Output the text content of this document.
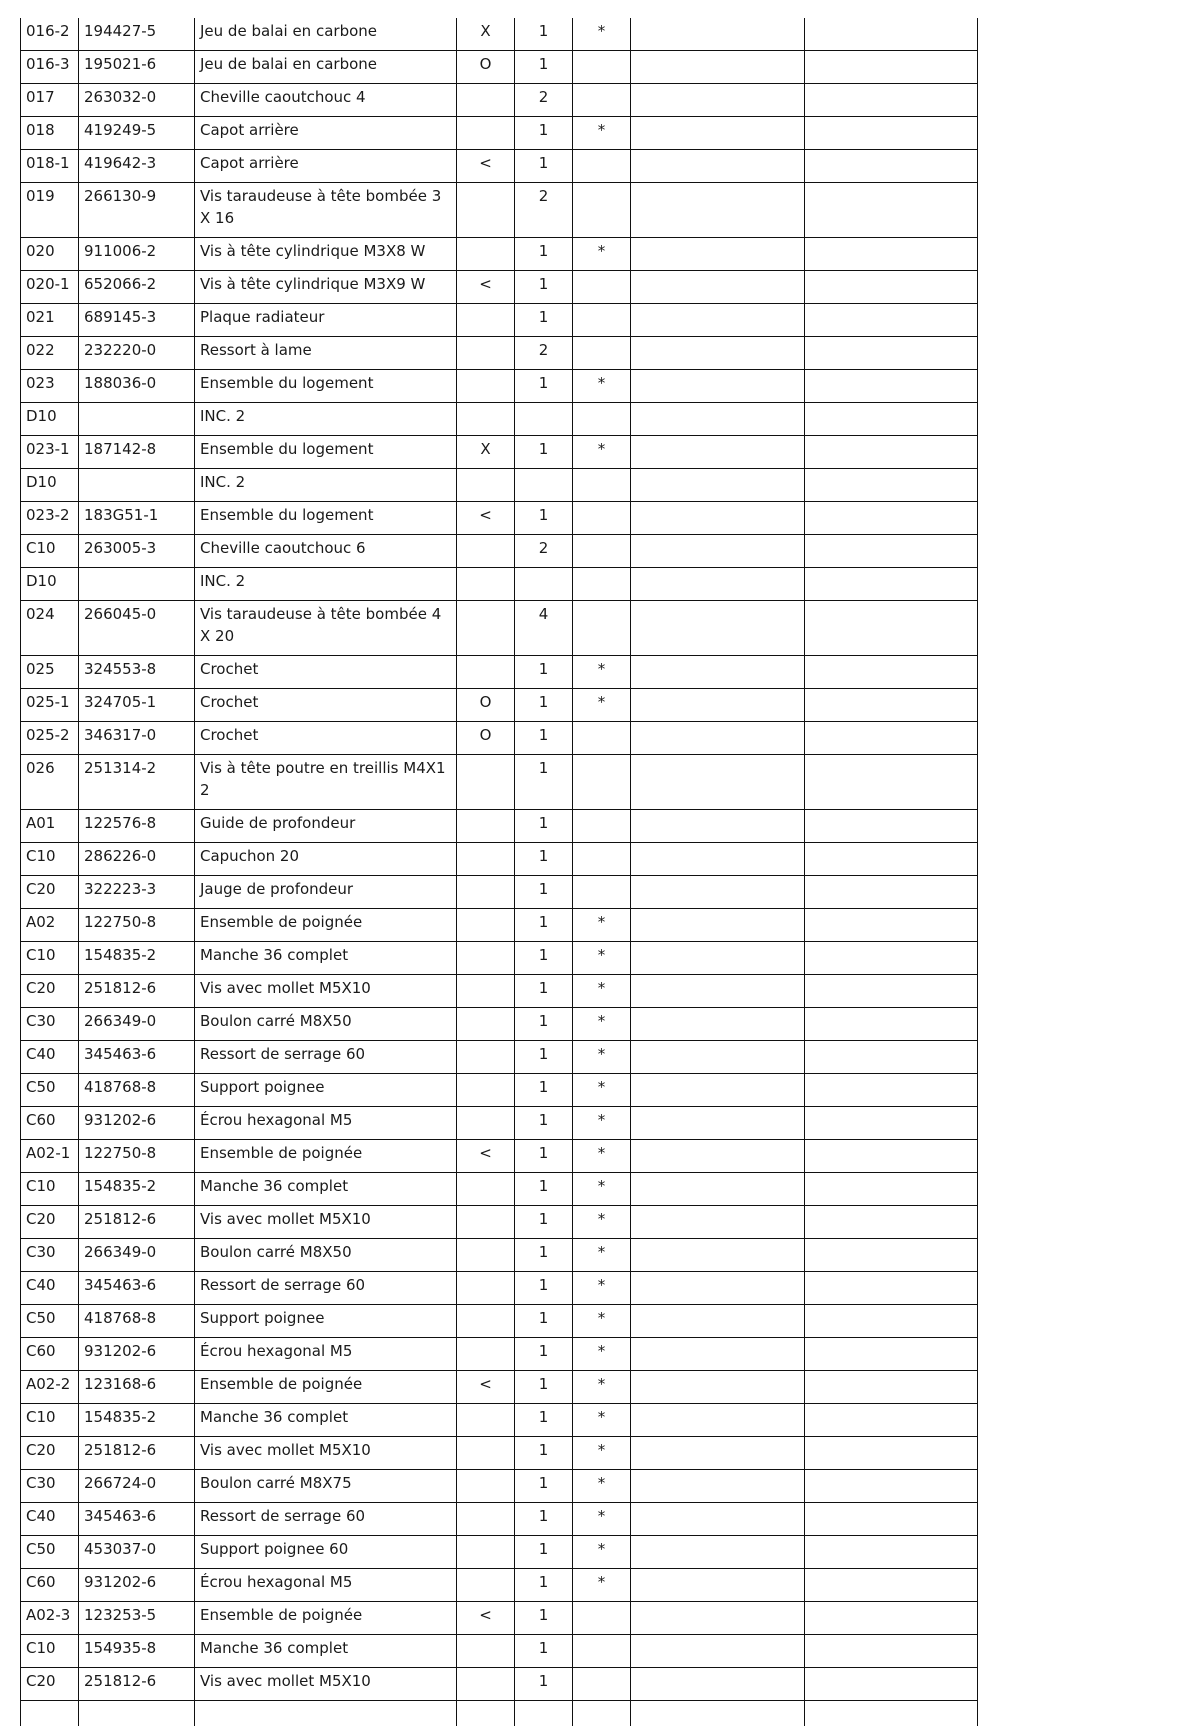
016-2	194427-5	Jeu de balai en carbone	X	1	*		
016-3	195021-6	Jeu de balai en carbone	O	1			
017	263032-0	Cheville caoutchouc 4		2			
018	419249-5	Capot arrière		1	*		
018-1	419642-3	Capot arrière	<	1			
019	266130-9	Vis taraudeuse à tête bombée 3X 16		2			
020	911006-2	Vis à tête cylindrique M3X8 W		1	*		
020-1	652066-2	Vis à tête cylindrique M3X9 W	<	1			
021	689145-3	Plaque radiateur		1			
022	232220-0	Ressort à lame		2			
023	188036-0	Ensemble du logement		1	*		
D10		INC. 2					
023-1	187142-8	Ensemble du logement	X	1	*		
D10		INC. 2					
023-2	183G51-1	Ensemble du logement	<	1			
C10	263005-3	Cheville caoutchouc 6		2			
D10		INC. 2					
024	266045-0	Vis taraudeuse à tête bombée 4X 20		4			
025	324553-8	Crochet		1	*		
025-1	324705-1	Crochet	O	1	*		
025-2	346317-0	Crochet	O	1			
026	251314-2	Vis à tête poutre en treillis M4X1 2		1			
A01	122576-8	Guide de profondeur		1			
C10	286226-0	Capuchon 20		1			
C20	322223-3	Jauge de profondeur		1			
A02	122750-8	Ensemble de poignée		1	*		
C10	154835-2	Manche 36 complet		1	*		
C20	251812-6	Vis avec mollet M5X10		1	*		
C30	266349-0	Boulon carré M8X50		1	*		
C40	345463-6	Ressort de serrage 60		1	*		
C50	418768-8	Support poignee		1	*		
C60	931202-6	Écrou hexagonal M5		1	*		
A02-1	122750-8	Ensemble de poignée	<	1	*		
C10	154835-2	Manche 36 complet		1	*		
C20	251812-6	Vis avec mollet M5X10		1	*		
C30	266349-0	Boulon carré M8X50		1	*		
C40	345463-6	Ressort de serrage 60		1	*		
C50	418768-8	Support poignee		1	*		
C60	931202-6	Écrou hexagonal M5		1	*		
A02-2	123168-6	Ensemble de poignée	<	1	*		
C10	154835-2	Manche 36 complet		1	*		
C20	251812-6	Vis avec mollet M5X10		1	*		
C30	266724-0	Boulon carré M8X75		1	*		
C40	345463-6	Ressort de serrage 60		1	*		
C50	453037-0	Support poignee 60		1	*		
C60	931202-6	Écrou hexagonal M5		1	*		
A02-3	123253-5	Ensemble de poignée	<	1			
C10	154935-8	Manche 36 complet		1			
C20	251812-6	Vis avec mollet M5X10		1			
